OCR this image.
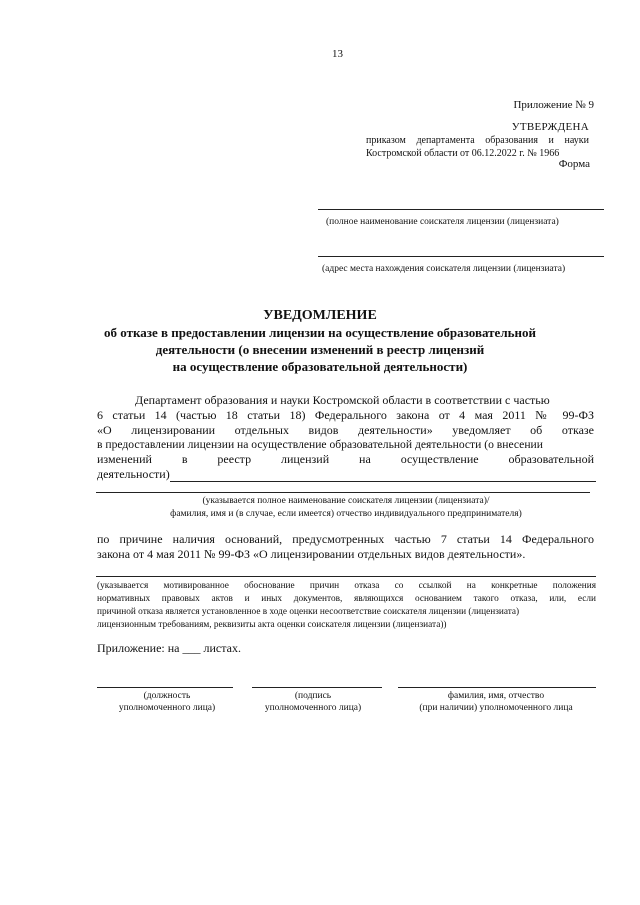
13
Приложение № 9
УТВЕРЖДЕНА
приказом департамента образования и науки
Костромской области от 06.12.2022 г. № 1966
Форма
(полное наименование соискателя лицензии (лицензиата)
(адрес места нахождения соискателя лицензии (лицензиата)
УВЕДОМЛЕНИЕ
об отказе в предоставлении лицензии на осуществление образовательной
деятельности (о внесении изменений в реестр лицензий
на осуществление образовательной деятельности)
Департамент образования и науки Костромской области в соответствии с частью
6 статьи 14 (частью 18 статьи 18) Федерального закона от 4 мая 2011 № 99-ФЗ
«О лицензировании отдельных видов деятельности» уведомляет об отказе
в предоставлении лицензии на осуществление образовательной деятельности (о внесении
изменений в реестр лицензий на осуществление образовательной
деятельности)
(указывается полное наименование соискателя лицензии (лицензиата)/
фамилия, имя и (в случае, если имеется) отчество индивидуального предпринимателя)
по причине наличия оснований, предусмотренных частью 7 статьи 14 Федерального
закона от 4 мая 2011 № 99-ФЗ «О лицензировании отдельных видов деятельности».
(указывается мотивированное обоснование причин отказа со ссылкой на конкретные положения
нормативных правовых актов и иных документов, являющихся основанием такого отказа, или, если
причиной отказа является установленное в ходе оценки несоответствие соискателя лицензии (лицензиата)
лицензионным требованиям, реквизиты акта оценки соискателя лицензии (лицензиата))
Приложение: на ___ листах.
(должность
уполномоченного лица)
(подпись
уполномоченного лица)
фамилия, имя, отчество
(при наличии) уполномоченного лица
